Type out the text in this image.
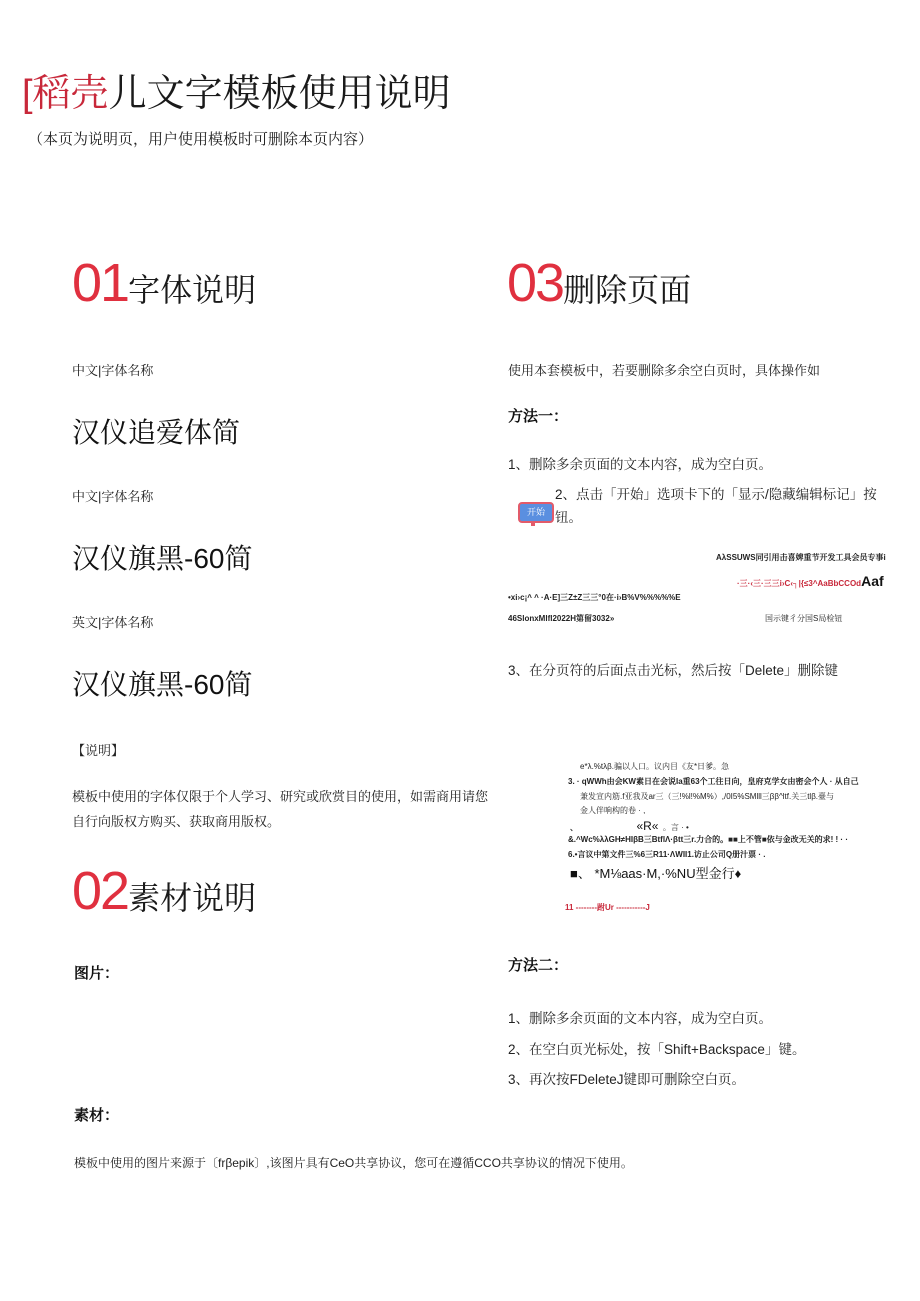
[稻壳儿文字模板使用说明
（本页为说明页，用户使用模板时可删除本页内容）
01字体说明
中文|字体名称
汉仪追爱体简
中文|字体名称
汉仪旗黑-60简
英文|字体名称
汉仪旗黑-60简
【说明】
模板中使用的字体仅限于个人学习、研究或欣赏目的使用，如需商用请您
自行向版权方购买、获取商用版权。
02素材说明
图片：
素材：
模板中使用的图片来源于〔frβepik〕,该图片具有CeO共享协议，您可在遵循CCO共享协议的情况下使用。
03删除页面
使用本套模板中，若要删除多余空白页时，具体操作如
方法一：
1、删除多余页面的文本内容，成为空白页。
2、点击「开始」选项卡下的「显示/隐藏编辑标记」按
钮。
开始
AλSSUWS同引用击喜婢重节开发工具会员专事i
·三·‹三·三三i›C‹┐|{≤3^AaBbCCOdAaf
•xi›c¡^ ^ ·A·E]三Z±Z三三°0在·i›B%V%%%%%E
46SlonxMlfl2022H第留3032»	国示键彳分国S局检钮
3、在分页符的后面点击光标，然后按「Delete」删除键
e*λ.%tλβ.骗以人口。议内目《友*日爹。急
3. · qWWh由会KW素日在会说Ia重63个工往日向，皇府克学女由密会个人 · 从自己
兼发宣内筋.f亚我及ar三（三!%l!%M%）,/0I5%SMlll三ββ^ltf.关三tlβ.臺与
金人伴响构的卷 · ,
、	«R« 。言 · •
&.^Wc%λλGH≠HIβB三BtflΛ·βtt三r.力合的。■■上不管■依与金改无关的求! ! · ·
6.•言议中第文件三%6三R11·ΛWII1.访止公司Q册汁票 · .
■、 *M⅛aas·M,·%NU型金行♦
11 --------跗Ur -----------J
方法二：
1、删除多余页面的文本内容，成为空白页。
2、在空白页光标处，按「Shift+Backspace」键。
3、再次按FDeleteJ键即可删除空白页。
